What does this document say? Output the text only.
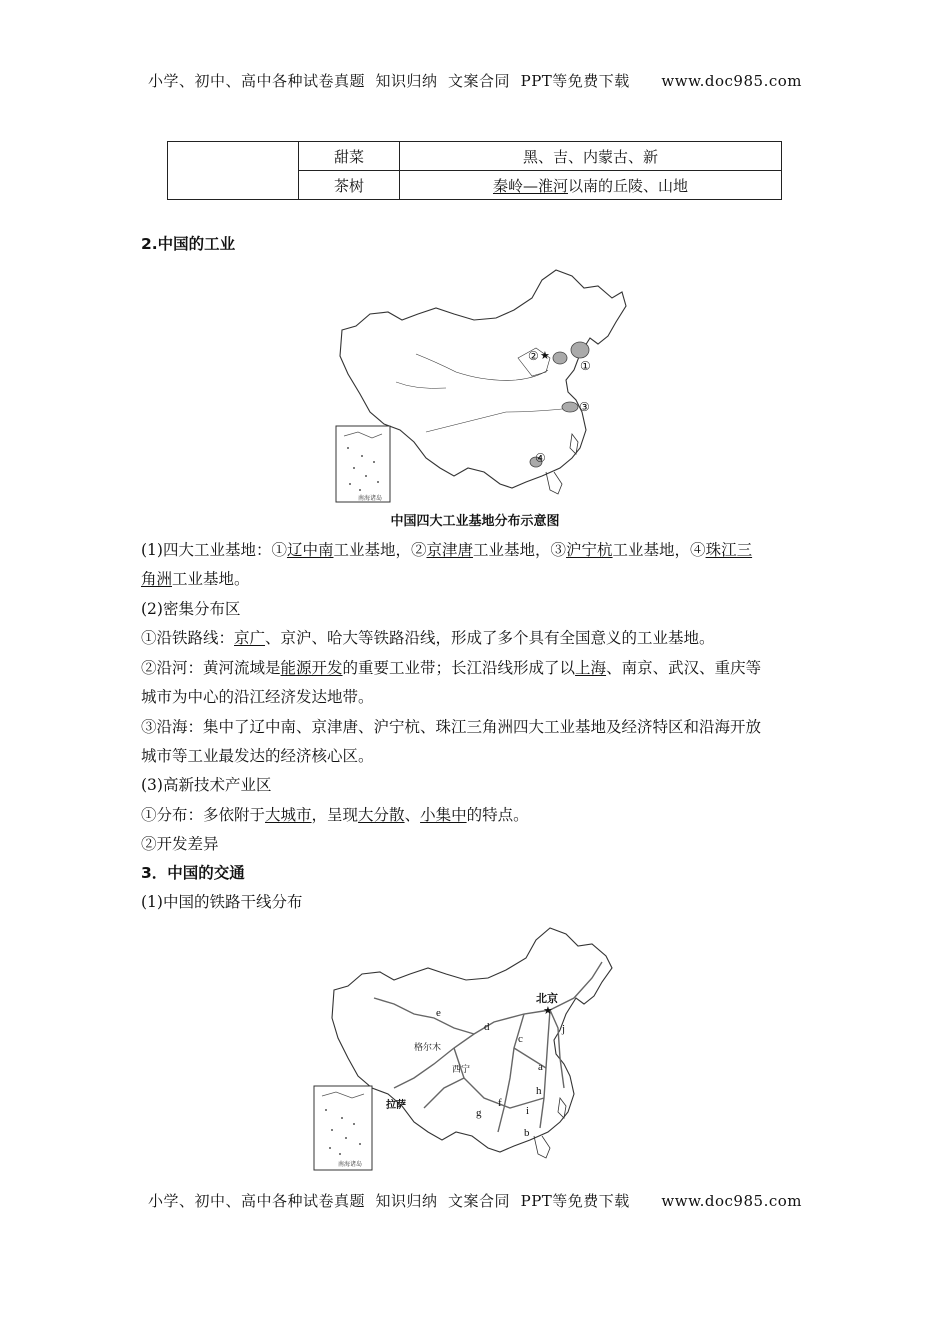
小学、初中、高中各种试卷真题  知识归纳  文案合同  PPT等免费下载      www.doc985.com
	甜菜	黑、吉、内蒙古、新
	茶树	秦岭—淮河以南的丘陵、山地
2.中国的工业
★
①
②
③
④
南海诸岛
中国四大工业基地分布示意图
(1)四大工业基地：①辽中南工业基地，②京津唐工业基地，③沪宁杭工业基地，④珠江三
角洲工业基地。
(2)密集分布区
①沿铁路线：京广、京沪、哈大等铁路沿线，形成了多个具有全国意义的工业基地。
②沿河：黄河流域是能源开发的重要工业带；长江沿线形成了以上海、南京、武汉、重庆等
城市为中心的沿江经济发达地带。
③沿海：集中了辽中南、京津唐、沪宁杭、珠江三角洲四大工业基地及经济特区和沿海开放
城市等工业最发达的经济核心区。
(3)高新技术产业区
①分布：多依附于大城市，呈现大分散、小集中的特点。
②开发差异
3．中国的交通
(1)中国的铁路干线分布
★
北京
格尔木
西宁
拉萨
a
b
c
d
e
f
g
h
i
j
南海诸岛
小学、初中、高中各种试卷真题  知识归纳  文案合同  PPT等免费下载      www.doc985.com
